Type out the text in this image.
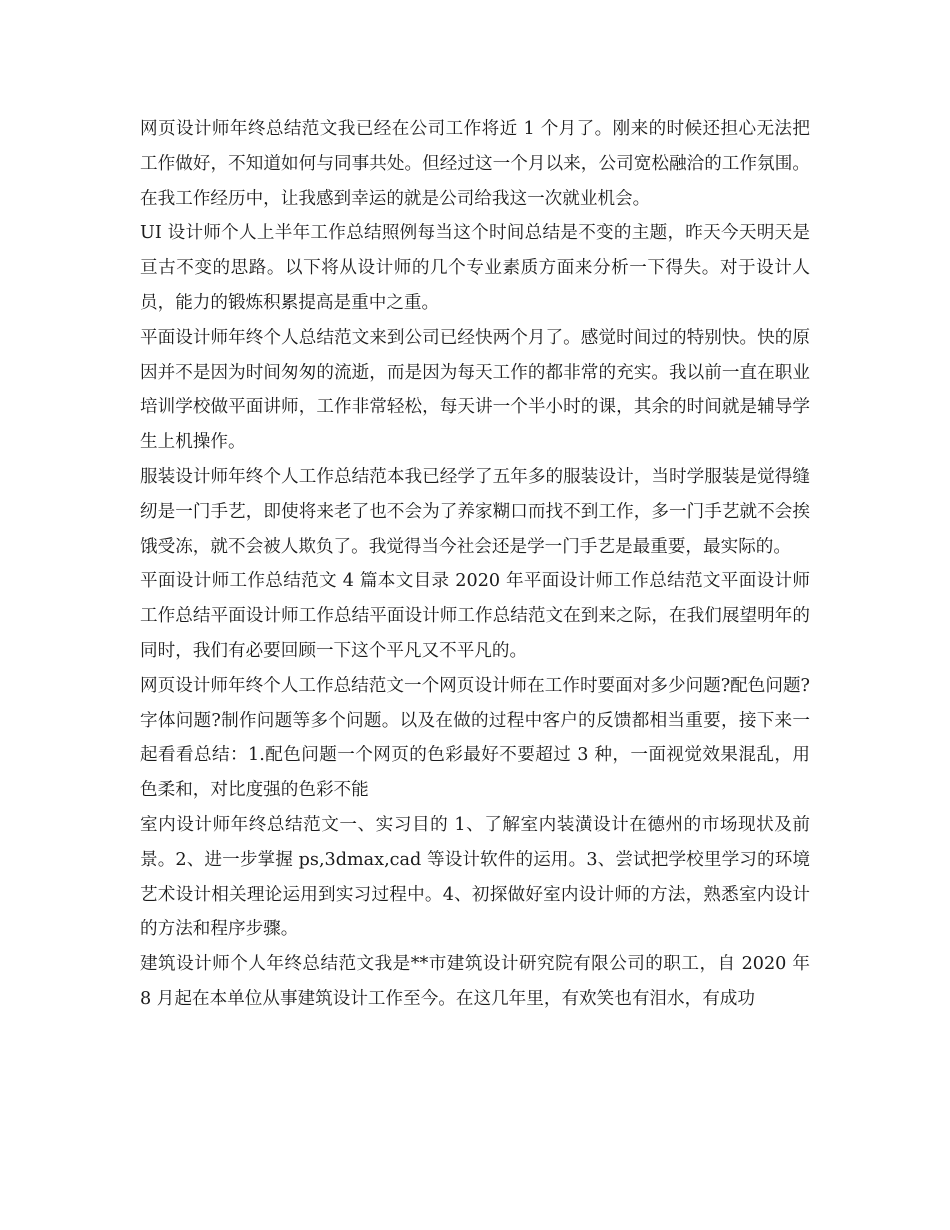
网页设计师年终总结范文我已经在公司工作将近 1 个月了。刚来的时候还担心无法把工作做好，不知道如何与同事共处。但经过这一个月以来，公司宽松融洽的工作氛围。在我工作经历中，让我感到幸运的就是公司给我这一次就业机会。

UI 设计师个人上半年工作总结照例每当这个时间总结是不变的主题，昨天今天明天是亘古不变的思路。以下将从设计师的几个专业素质方面来分析一下得失。对于设计人员，能力的锻炼积累提高是重中之重。

平面设计师年终个人总结范文来到公司已经快两个月了。感觉时间过的特别快。快的原因并不是因为时间匆匆的流逝，而是因为每天工作的都非常的充实。我以前一直在职业培训学校做平面讲师，工作非常轻松，每天讲一个半小时的课，其余的时间就是辅导学生上机操作。

服装设计师年终个人工作总结范本我已经学了五年多的服装设计，当时学服装是觉得缝纫是一门手艺，即使将来老了也不会为了养家糊口而找不到工作，多一门手艺就不会挨饿受冻，就不会被人欺负了。我觉得当今社会还是学一门手艺是最重要，最实际的。

平面设计师工作总结范文 4 篇本文目录 2020 年平面设计师工作总结范文平面设计师工作总结平面设计师工作总结平面设计师工作总结范文在到来之际，在我们展望明年的同时，我们有必要回顾一下这个平凡又不平凡的。

网页设计师年终个人工作总结范文一个网页设计师在工作时要面对多少问题?配色问题?字体问题?制作问题等多个问题。以及在做的过程中客户的反馈都相当重要，接下来一起看看总结：1.配色问题一个网页的色彩最好不要超过 3 种，一面视觉效果混乱，用色柔和，对比度强的色彩不能

室内设计师年终总结范文一、实习目的 1、了解室内装潢设计在德州的市场现状及前景。2、进一步掌握 ps,3dmax,cad 等设计软件的运用。3、尝试把学校里学习的环境艺术设计相关理论运用到实习过程中。4、初探做好室内设计师的方法，熟悉室内设计的方法和程序步骤。

建筑设计师个人年终总结范文我是**市建筑设计研究院有限公司的职工，自 2020 年 8 月起在本单位从事建筑设计工作至今。在这几年里，有欢笑也有泪水，有成功
